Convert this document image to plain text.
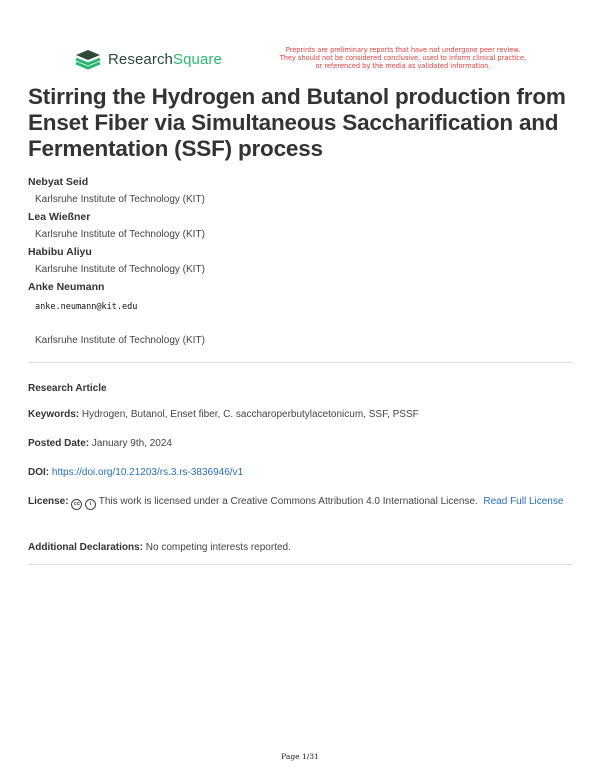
ResearchSquare
Preprints are preliminary reports that have not undergone peer review.
They should not be considered conclusive, used to inform clinical practice,
or referenced by the media as validated information.
Stirring the Hydrogen and Butanol production from Enset Fiber via Simultaneous Saccharification and Fermentation (SSF) process
Nebyat Seid
Karlsruhe Institute of Technology (KIT)
Lea Wießner
Karlsruhe Institute of Technology (KIT)
Habibu Aliyu
Karlsruhe Institute of Technology (KIT)
Anke Neumann
anke.neumann@kit.edu
Karlsruhe Institute of Technology (KIT)
Research Article
Keywords: Hydrogen, Butanol, Enset fiber, C. saccharoperbutylacetonicum, SSF, PSSF
Posted Date: January 9th, 2024
DOI: https://doi.org/10.21203/rs.3.rs-3836946/v1
License: cc i This work is licensed under a Creative Commons Attribution 4.0 International License. Read Full License
Additional Declarations: No competing interests reported.
Page 1/31
